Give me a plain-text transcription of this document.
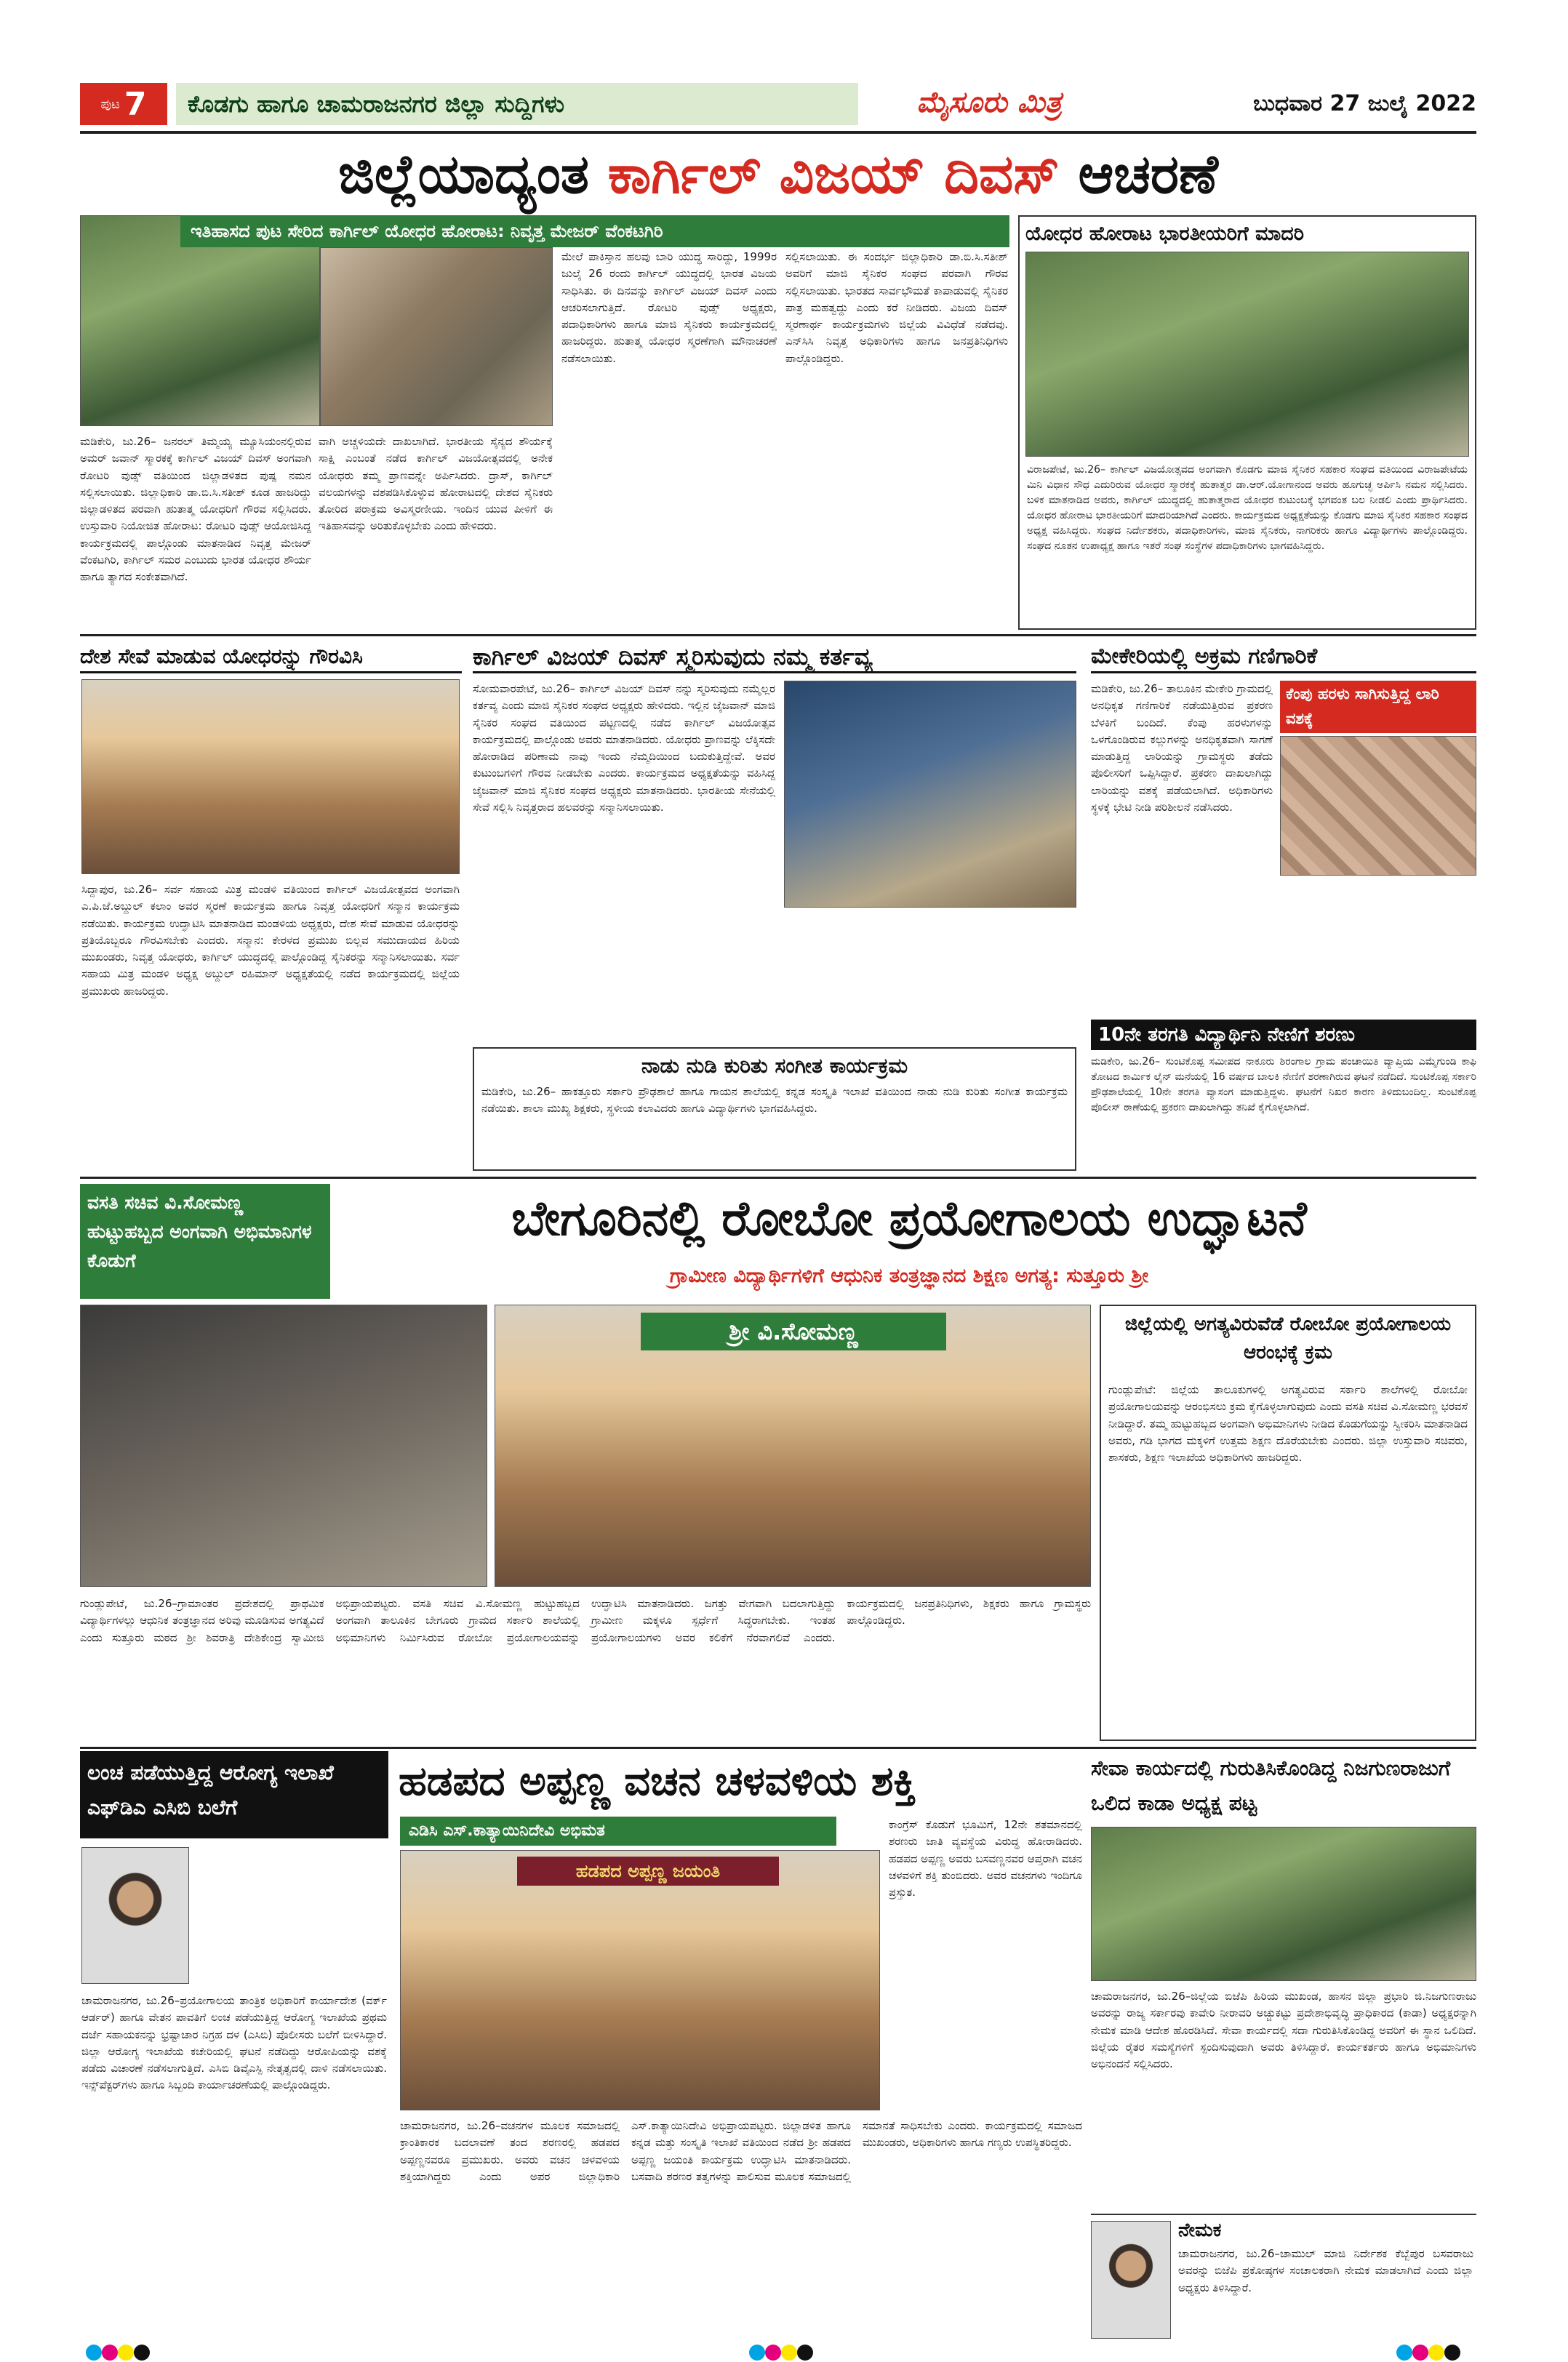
ಪುಟ 7	ಕೊಡಗು ಹಾಗೂ ಚಾಮರಾಜನಗರ ಜಿಲ್ಲಾ ಸುದ್ದಿಗಳು	ಮೈಸೂರು ಮಿತ್ರ	ಬುಧವಾರ 27 ಜುಲೈ 2022
ಜಿಲ್ಲೆಯಾದ್ಯಂತ ಕಾರ್ಗಿಲ್ ವಿಜಯ್ ದಿವಸ್ ಆಚರಣೆ
ಇತಿಹಾಸದ ಪುಟ ಸೇರಿದ ಕಾರ್ಗಿಲ್ ಯೋಧರ ಹೋರಾಟ: ನಿವೃತ್ತ ಮೇಜರ್ ವೆಂಕಟಗಿರಿ
ಮೇಲೆ ಪಾಕಿಸ್ತಾನ ಹಲವು ಬಾರಿ ಯುದ್ಧ ಸಾರಿದ್ದು, 1999ರ ಜುಲೈ 26 ರಂದು ಕಾರ್ಗಿಲ್ ಯುದ್ಧದಲ್ಲಿ ಭಾರತ ವಿಜಯ ಸಾಧಿಸಿತು. ಈ ದಿನವನ್ನು ಕಾರ್ಗಿಲ್ ವಿಜಯ್ ದಿವಸ್ ಎಂದು ಆಚರಿಸಲಾಗುತ್ತಿದೆ. ರೋಟರಿ ವುಡ್ಸ್ ಅಧ್ಯಕ್ಷರು, ಪದಾಧಿಕಾರಿಗಳು ಹಾಗೂ ಮಾಜಿ ಸೈನಿಕರು ಕಾರ್ಯಕ್ರಮದಲ್ಲಿ ಹಾಜರಿದ್ದರು. ಹುತಾತ್ಮ ಯೋಧರ ಸ್ಮರಣೆಗಾಗಿ ಮೌನಾಚರಣೆ ನಡೆಸಲಾಯಿತು.
ಸಲ್ಲಿಸಲಾಯಿತು. ಈ ಸಂದರ್ಭ ಜಿಲ್ಲಾಧಿಕಾರಿ ಡಾ.ಬಿ.ಸಿ.ಸತೀಶ್ ಅವರಿಗೆ ಮಾಜಿ ಸೈನಿಕರ ಸಂಘದ ಪರವಾಗಿ ಗೌರವ ಸಲ್ಲಿಸಲಾಯಿತು. ಭಾರತದ ಸಾರ್ವಭೌಮತೆ ಕಾಪಾಡುವಲ್ಲಿ ಸೈನಿಕರ ಪಾತ್ರ ಮಹತ್ವದ್ದು ಎಂದು ಕರೆ ನೀಡಿದರು. ವಿಜಯ ದಿವಸ್ ಸ್ಮರಣಾರ್ಥ ಕಾರ್ಯಕ್ರಮಗಳು ಜಿಲ್ಲೆಯ ವಿವಿಧೆಡೆ ನಡೆದವು. ಎನ್‌ಸಿಸಿ ನಿವೃತ್ತ ಅಧಿಕಾರಿಗಳು ಹಾಗೂ ಜನಪ್ರತಿನಿಧಿಗಳು ಪಾಲ್ಗೊಂಡಿದ್ದರು.
ಮಡಿಕೇರಿ, ಜು.26– ಜನರಲ್ ತಿಮ್ಮಯ್ಯ ಮ್ಯೂಸಿಯಂನಲ್ಲಿರುವ ಅಮರ್ ಜವಾನ್ ಸ್ಮಾರಕಕ್ಕೆ ಕಾರ್ಗಿಲ್ ವಿಜಯ್ ದಿವಸ್ ಅಂಗವಾಗಿ ರೋಟರಿ ವುಡ್ಸ್ ವತಿಯಿಂದ ಜಿಲ್ಲಾಡಳಿತದ ಪುಷ್ಪ ನಮನ ಸಲ್ಲಿಸಲಾಯಿತು. ಜಿಲ್ಲಾಧಿಕಾರಿ ಡಾ.ಬಿ.ಸಿ.ಸತೀಶ್ ಕೂಡ ಹಾಜರಿದ್ದು ಜಿಲ್ಲಾಡಳಿತದ ಪರವಾಗಿ ಹುತಾತ್ಮ ಯೋಧರಿಗೆ ಗೌರವ ಸಲ್ಲಿಸಿದರು. ಉಸ್ತುವಾರಿ ನಿಯೋಜಿತ ಹೋರಾಟ: ರೋಟರಿ ವುಡ್ಸ್ ಆಯೋಜಿಸಿದ್ದ ಕಾರ್ಯಕ್ರಮದಲ್ಲಿ ಪಾಲ್ಗೊಂಡು ಮಾತನಾಡಿದ ನಿವೃತ್ತ ಮೇಜರ್ ವೆಂಕಟಗಿರಿ, ಕಾರ್ಗಿಲ್ ಸಮರ ಎಂಬುದು ಭಾರತ ಯೋಧರ ಶೌರ್ಯ ಹಾಗೂ ತ್ಯಾಗದ ಸಂಕೇತವಾಗಿದೆ.
ವಾಗಿ ಅಚ್ಚಳಿಯದೇ ದಾಖಲಾಗಿದೆ. ಭಾರತೀಯ ಸೈನ್ಯದ ಶೌರ್ಯಕ್ಕೆ ಸಾಕ್ಷಿ ಎಂಬಂತೆ ನಡೆದ ಕಾರ್ಗಿಲ್ ವಿಜಯೋತ್ಸವದಲ್ಲಿ ಅನೇಕ ಯೋಧರು ತಮ್ಮ ಪ್ರಾಣವನ್ನೇ ಅರ್ಪಿಸಿದರು. ದ್ರಾಸ್, ಕಾರ್ಗಿಲ್ ವಲಯಗಳನ್ನು ವಶಪಡಿಸಿಕೊಳ್ಳುವ ಹೋರಾಟದಲ್ಲಿ ದೇಶದ ಸೈನಿಕರು ತೋರಿದ ಪರಾಕ್ರಮ ಅವಿಸ್ಮರಣೀಯ. ಇಂದಿನ ಯುವ ಪೀಳಿಗೆ ಈ ಇತಿಹಾಸವನ್ನು ಅರಿತುಕೊಳ್ಳಬೇಕು ಎಂದು ಹೇಳಿದರು.
ಯೋಧರ ಹೋರಾಟ ಭಾರತೀಯರಿಗೆ ಮಾದರಿ
ವಿರಾಜಪೇಟೆ, ಜು.26– ಕಾರ್ಗಿಲ್ ವಿಜಯೋತ್ಸವದ ಅಂಗವಾಗಿ ಕೊಡಗು ಮಾಜಿ ಸೈನಿಕರ ಸಹಕಾರ ಸಂಘದ ವತಿಯಿಂದ ವಿರಾಜಪೇಟೆಯ ಮಿನಿ ವಿಧಾನ ಸೌಧ ಎದುರಿರುವ ಯೋಧರ ಸ್ಮಾರಕಕ್ಕೆ ಹುತಾತ್ಮರ ಡಾ.ಆರ್.ಯೋಗಾನಂದ ಅವರು ಹೂಗುಚ್ಛ ಅರ್ಪಿಸಿ ನಮನ ಸಲ್ಲಿಸಿದರು. ಬಳಿಕ ಮಾತನಾಡಿದ ಅವರು, ಕಾರ್ಗಿಲ್ ಯುದ್ಧದಲ್ಲಿ ಹುತಾತ್ಮರಾದ ಯೋಧರ ಕುಟುಂಬಕ್ಕೆ ಭಗವಂತ ಬಲ ನೀಡಲಿ ಎಂದು ಪ್ರಾರ್ಥಿಸಿದರು. ಯೋಧರ ಹೋರಾಟ ಭಾರತೀಯರಿಗೆ ಮಾದರಿಯಾಗಿದೆ ಎಂದರು. ಕಾರ್ಯಕ್ರಮದ ಅಧ್ಯಕ್ಷತೆಯನ್ನು ಕೊಡಗು ಮಾಜಿ ಸೈನಿಕರ ಸಹಕಾರ ಸಂಘದ ಅಧ್ಯಕ್ಷ ವಹಿಸಿದ್ದರು. ಸಂಘದ ನಿರ್ದೇಶಕರು, ಪದಾಧಿಕಾರಿಗಳು, ಮಾಜಿ ಸೈನಿಕರು, ನಾಗರಿಕರು ಹಾಗೂ ವಿದ್ಯಾರ್ಥಿಗಳು ಪಾಲ್ಗೊಂಡಿದ್ದರು. ಸಂಘದ ನೂತನ ಉಪಾಧ್ಯಕ್ಷ ಹಾಗೂ ಇತರೆ ಸಂಘ ಸಂಸ್ಥೆಗಳ ಪದಾಧಿಕಾರಿಗಳು ಭಾಗವಹಿಸಿದ್ದರು.
ದೇಶ ಸೇವೆ ಮಾಡುವ ಯೋಧರನ್ನು ಗೌರವಿಸಿ
ಸಿದ್ದಾಪುರ, ಜು.26– ಸರ್ವ ಸಹಾಯ ಮಿತ್ರ ಮಂಡಳಿ ವತಿಯಿಂದ ಕಾರ್ಗಿಲ್ ವಿಜಯೋತ್ಸವದ ಅಂಗವಾಗಿ ಎ.ಪಿ.ಜೆ.ಅಬ್ದುಲ್ ಕಲಾಂ ಅವರ ಸ್ಮರಣೆ ಕಾರ್ಯಕ್ರಮ ಹಾಗೂ ನಿವೃತ್ತ ಯೋಧರಿಗೆ ಸನ್ಮಾನ ಕಾರ್ಯಕ್ರಮ ನಡೆಯಿತು. ಕಾರ್ಯಕ್ರಮ ಉದ್ಘಾಟಿಸಿ ಮಾತನಾಡಿದ ಮಂಡಳಿಯ ಅಧ್ಯಕ್ಷರು, ದೇಶ ಸೇವೆ ಮಾಡುವ ಯೋಧರನ್ನು ಪ್ರತಿಯೊಬ್ಬರೂ ಗೌರವಿಸಬೇಕು ಎಂದರು. ಸನ್ಮಾನ: ಕೇರಳದ ಪ್ರಮುಖ ಬಿಲ್ಲವ ಸಮುದಾಯದ ಹಿರಿಯ ಮುಖಂಡರು, ನಿವೃತ್ತ ಯೋಧರು, ಕಾರ್ಗಿಲ್ ಯುದ್ಧದಲ್ಲಿ ಪಾಲ್ಗೊಂಡಿದ್ದ ಸೈನಿಕರನ್ನು ಸನ್ಮಾನಿಸಲಾಯಿತು. ಸರ್ವ ಸಹಾಯ ಮಿತ್ರ ಮಂಡಳಿ ಅಧ್ಯಕ್ಷ ಅಬ್ದುಲ್ ರಹಿಮಾನ್ ಅಧ್ಯಕ್ಷತೆಯಲ್ಲಿ ನಡೆದ ಕಾರ್ಯಕ್ರಮದಲ್ಲಿ ಜಿಲ್ಲೆಯ ಪ್ರಮುಖರು ಹಾಜರಿದ್ದರು.
ಕಾರ್ಗಿಲ್ ವಿಜಯ್ ದಿವಸ್ ಸ್ಮರಿಸುವುದು ನಮ್ಮ ಕರ್ತವ್ಯ
ಸೋಮವಾರಪೇಟೆ, ಜು.26– ಕಾರ್ಗಿಲ್ ವಿಜಯ್ ದಿವಸ್ ನನ್ನು ಸ್ಮರಿಸುವುದು ನಮ್ಮೆಲ್ಲರ ಕರ್ತವ್ಯ ಎಂದು ಮಾಜಿ ಸೈನಿಕರ ಸಂಘದ ಅಧ್ಯಕ್ಷರು ಹೇಳಿದರು. ಇಲ್ಲಿನ ಜೈಜವಾನ್ ಮಾಜಿ ಸೈನಿಕರ ಸಂಘದ ವತಿಯಿಂದ ಪಟ್ಟಣದಲ್ಲಿ ನಡೆದ ಕಾರ್ಗಿಲ್ ವಿಜಯೋತ್ಸವ ಕಾರ್ಯಕ್ರಮದಲ್ಲಿ ಪಾಲ್ಗೊಂಡು ಅವರು ಮಾತನಾಡಿದರು. ಯೋಧರು ಪ್ರಾಣವನ್ನು ಲೆಕ್ಕಿಸದೇ ಹೋರಾಡಿದ ಪರಿಣಾಮ ನಾವು ಇಂದು ನೆಮ್ಮದಿಯಿಂದ ಬದುಕುತ್ತಿದ್ದೇವೆ. ಅವರ ಕುಟುಂಬಗಳಿಗೆ ಗೌರವ ನೀಡಬೇಕು ಎಂದರು. ಕಾರ್ಯಕ್ರಮದ ಅಧ್ಯಕ್ಷತೆಯನ್ನು ವಹಿಸಿದ್ದ ಜೈಜವಾನ್ ಮಾಜಿ ಸೈನಿಕರ ಸಂಘದ ಅಧ್ಯಕ್ಷರು ಮಾತನಾಡಿದರು. ಭಾರತೀಯ ಸೇನೆಯಲ್ಲಿ ಸೇವೆ ಸಲ್ಲಿಸಿ ನಿವೃತ್ತರಾದ ಹಲವರನ್ನು ಸನ್ಮಾನಿಸಲಾಯಿತು.
ನಾಡು ನುಡಿ ಕುರಿತು ಸಂಗೀತ ಕಾರ್ಯಕ್ರಮ
ಮಡಿಕೇರಿ, ಜು.26– ಹಾಕತ್ತೂರು ಸರ್ಕಾರಿ ಪ್ರೌಢಶಾಲೆ ಹಾಗೂ ಗಾಯನ ಶಾಲೆಯಲ್ಲಿ ಕನ್ನಡ ಸಂಸ್ಕೃತಿ ಇಲಾಖೆ ವತಿಯಿಂದ ನಾಡು ನುಡಿ ಕುರಿತು ಸಂಗೀತ ಕಾರ್ಯಕ್ರಮ ನಡೆಯಿತು. ಶಾಲಾ ಮುಖ್ಯ ಶಿಕ್ಷಕರು, ಸ್ಥಳೀಯ ಕಲಾವಿದರು ಹಾಗೂ ವಿದ್ಯಾರ್ಥಿಗಳು ಭಾಗವಹಿಸಿದ್ದರು.
ಮೇಕೇರಿಯಲ್ಲಿ ಅಕ್ರಮ ಗಣಿಗಾರಿಕೆ
ಮಡಿಕೇರಿ, ಜು.26– ತಾಲೂಕಿನ ಮೇಕೇರಿ ಗ್ರಾಮದಲ್ಲಿ ಅನಧಿಕೃತ ಗಣಿಗಾರಿಕೆ ನಡೆಯುತ್ತಿರುವ ಪ್ರಕರಣ ಬೆಳಕಿಗೆ ಬಂದಿದೆ. ಕೆಂಪು ಹರಳುಗಳನ್ನು ಒಳಗೊಂಡಿರುವ ಕಲ್ಲುಗಳನ್ನು ಅನಧಿಕೃತವಾಗಿ ಸಾಗಣೆ ಮಾಡುತ್ತಿದ್ದ ಲಾರಿಯನ್ನು ಗ್ರಾಮಸ್ಥರು ತಡೆದು ಪೊಲೀಸರಿಗೆ ಒಪ್ಪಿಸಿದ್ದಾರೆ. ಪ್ರಕರಣ ದಾಖಲಾಗಿದ್ದು ಲಾರಿಯನ್ನು ವಶಕ್ಕೆ ಪಡೆಯಲಾಗಿದೆ. ಅಧಿಕಾರಿಗಳು ಸ್ಥಳಕ್ಕೆ ಭೇಟಿ ನೀಡಿ ಪರಿಶೀಲನೆ ನಡೆಸಿದರು.
ಕೆಂಪು ಹರಳು ಸಾಗಿಸುತ್ತಿದ್ದ ಲಾರಿ ವಶಕ್ಕೆ
10ನೇ ತರಗತಿ ವಿದ್ಯಾರ್ಥಿನಿ ನೇಣಿಗೆ ಶರಣು
ಮಡಿಕೇರಿ, ಜು.26– ಸುಂಟಿಕೊಪ್ಪ ಸಮೀಪದ ನಾಕೂರು ಶಿರಂಗಾಲ ಗ್ರಾಮ ಪಂಚಾಯಿತಿ ವ್ಯಾಪ್ತಿಯ ಎಮ್ಮೆಗುಂಡಿ ಕಾಫಿ ತೋಟದ ಕಾರ್ಮಿಕ ಲೈನ್ ಮನೆಯಲ್ಲಿ 16 ವರ್ಷದ ಬಾಲಕಿ ನೇಣಿಗೆ ಶರಣಾಗಿರುವ ಘಟನೆ ನಡೆದಿದೆ. ಸುಂಟಿಕೊಪ್ಪ ಸರ್ಕಾರಿ ಪ್ರೌಢಶಾಲೆಯಲ್ಲಿ 10ನೇ ತರಗತಿ ವ್ಯಾಸಂಗ ಮಾಡುತ್ತಿದ್ದಳು. ಘಟನೆಗೆ ನಿಖರ ಕಾರಣ ತಿಳಿದುಬಂದಿಲ್ಲ. ಸುಂಟಿಕೊಪ್ಪ ಪೊಲೀಸ್ ಠಾಣೆಯಲ್ಲಿ ಪ್ರಕರಣ ದಾಖಲಾಗಿದ್ದು ತನಿಖೆ ಕೈಗೊಳ್ಳಲಾಗಿದೆ.
ವಸತಿ ಸಚಿವ ವಿ.ಸೋಮಣ್ಣ ಹುಟ್ಟುಹಬ್ಬದ ಅಂಗವಾಗಿ ಅಭಿಮಾನಿಗಳ ಕೊಡುಗೆ
ಬೇಗೂರಿನಲ್ಲಿ ರೋಬೋ ಪ್ರಯೋಗಾಲಯ ಉದ್ಘಾಟನೆ
ಗ್ರಾಮೀಣ ವಿದ್ಯಾರ್ಥಿಗಳಿಗೆ ಆಧುನಿಕ ತಂತ್ರಜ್ಞಾನದ ಶಿಕ್ಷಣ ಅಗತ್ಯ: ಸುತ್ತೂರು ಶ್ರೀ
ಶ್ರೀ ವಿ.ಸೋಮಣ್ಣ
ಗುಂಡ್ಲುಪೇಟೆ, ಜು.26–ಗ್ರಾಮಾಂತರ ಪ್ರದೇಶದಲ್ಲಿ ಪ್ರಾಥಮಿಕ ವಿದ್ಯಾರ್ಥಿಗಳಲ್ಲು ಆಧುನಿಕ ತಂತ್ರಜ್ಞಾನದ ಅರಿವು ಮೂಡಿಸುವ ಅಗತ್ಯವಿದೆ ಎಂದು ಸುತ್ತೂರು ಮಠದ ಶ್ರೀ ಶಿವರಾತ್ರಿ ದೇಶಿಕೇಂದ್ರ ಸ್ವಾಮೀಜಿ ಅಭಿಪ್ರಾಯಪಟ್ಟರು. ವಸತಿ ಸಚಿವ ವಿ.ಸೋಮಣ್ಣ ಹುಟ್ಟುಹಬ್ಬದ ಅಂಗವಾಗಿ ತಾಲೂಕಿನ ಬೇಗೂರು ಗ್ರಾಮದ ಸರ್ಕಾರಿ ಶಾಲೆಯಲ್ಲಿ ಅಭಿಮಾನಿಗಳು ನಿರ್ಮಿಸಿರುವ ರೋಬೋ ಪ್ರಯೋಗಾಲಯವನ್ನು ಉದ್ಘಾಟಿಸಿ ಮಾತನಾಡಿದರು. ಜಗತ್ತು ವೇಗವಾಗಿ ಬದಲಾಗುತ್ತಿದ್ದು ಗ್ರಾಮೀಣ ಮಕ್ಕಳೂ ಸ್ಪರ್ಧೆಗೆ ಸಿದ್ಧರಾಗಬೇಕು. ಇಂತಹ ಪ್ರಯೋಗಾಲಯಗಳು ಅವರ ಕಲಿಕೆಗೆ ನೆರವಾಗಲಿವೆ ಎಂದರು. ಕಾರ್ಯಕ್ರಮದಲ್ಲಿ ಜನಪ್ರತಿನಿಧಿಗಳು, ಶಿಕ್ಷಕರು ಹಾಗೂ ಗ್ರಾಮಸ್ಥರು ಪಾಲ್ಗೊಂಡಿದ್ದರು.
ಜಿಲ್ಲೆಯಲ್ಲಿ ಅಗತ್ಯವಿರುವೆಡೆ ರೋಬೋ ಪ್ರಯೋಗಾಲಯ ಆರಂಭಕ್ಕೆ ಕ್ರಮ
ಗುಂಡ್ಲುಪೇಟೆ: ಜಿಲ್ಲೆಯ ತಾಲೂಕುಗಳಲ್ಲಿ ಅಗತ್ಯವಿರುವ ಸರ್ಕಾರಿ ಶಾಲೆಗಳಲ್ಲಿ ರೋಬೋ ಪ್ರಯೋಗಾಲಯವನ್ನು ಆರಂಭಿಸಲು ಕ್ರಮ ಕೈಗೊಳ್ಳಲಾಗುವುದು ಎಂದು ವಸತಿ ಸಚಿವ ವಿ.ಸೋಮಣ್ಣ ಭರವಸೆ ನೀಡಿದ್ದಾರೆ. ತಮ್ಮ ಹುಟ್ಟುಹಬ್ಬದ ಅಂಗವಾಗಿ ಅಭಿಮಾನಿಗಳು ನೀಡಿದ ಕೊಡುಗೆಯನ್ನು ಸ್ವೀಕರಿಸಿ ಮಾತನಾಡಿದ ಅವರು, ಗಡಿ ಭಾಗದ ಮಕ್ಕಳಿಗೆ ಉತ್ತಮ ಶಿಕ್ಷಣ ದೊರೆಯಬೇಕು ಎಂದರು. ಜಿಲ್ಲಾ ಉಸ್ತುವಾರಿ ಸಚಿವರು, ಶಾಸಕರು, ಶಿಕ್ಷಣ ಇಲಾಖೆಯ ಅಧಿಕಾರಿಗಳು ಹಾಜರಿದ್ದರು.
ಲಂಚ ಪಡೆಯುತ್ತಿದ್ದ ಆರೋಗ್ಯ ಇಲಾಖೆ ಎಫ್‌ಡಿಎ ಎಸಿಬಿ ಬಲೆಗೆ
ಚಾಮರಾಜನಗರ, ಜು.26–ಪ್ರಯೋಗಾಲಯ ತಾಂತ್ರಿಕ ಅಧಿಕಾರಿಗೆ ಕಾರ್ಯಾದೇಶ (ವರ್ಕ್ ಆರ್ಡರ್) ಹಾಗೂ ವೇತನ ಪಾವತಿಗೆ ಲಂಚ ಪಡೆಯುತ್ತಿದ್ದ ಆರೋಗ್ಯ ಇಲಾಖೆಯ ಪ್ರಥಮ ದರ್ಜೆ ಸಹಾಯಕನನ್ನು ಭ್ರಷ್ಟಾಚಾರ ನಿಗ್ರಹ ದಳ (ಎಸಿಬಿ) ಪೊಲೀಸರು ಬಲೆಗೆ ಬೀಳಿಸಿದ್ದಾರೆ. ಜಿಲ್ಲಾ ಆರೋಗ್ಯ ಇಲಾಖೆಯ ಕಚೇರಿಯಲ್ಲಿ ಘಟನೆ ನಡೆದಿದ್ದು ಆರೋಪಿಯನ್ನು ವಶಕ್ಕೆ ಪಡೆದು ವಿಚಾರಣೆ ನಡೆಸಲಾಗುತ್ತಿದೆ. ಎಸಿಬಿ ಡಿವೈಎಸ್ಪಿ ನೇತೃತ್ವದಲ್ಲಿ ದಾಳಿ ನಡೆಸಲಾಯಿತು. ಇನ್ಸ್‌ಪೆಕ್ಟರ್‌ಗಳು ಹಾಗೂ ಸಿಬ್ಬಂದಿ ಕಾರ್ಯಾಚರಣೆಯಲ್ಲಿ ಪಾಲ್ಗೊಂಡಿದ್ದರು.
ಹಡಪದ ಅಪ್ಪಣ್ಣ ವಚನ ಚಳವಳಿಯ ಶಕ್ತಿ
ಎಡಿಸಿ ಎಸ್.ಕಾತ್ಯಾಯಿನಿದೇವಿ ಅಭಿಮತ
ಹಡಪದ ಅಪ್ಪಣ್ಣ ಜಯಂತಿ
ಕಾಂಗ್ರೆಸ್ ಕೊಡುಗೆ ಭೂಮಿಗೆ, 12ನೇ ಶತಮಾನದಲ್ಲಿ ಶರಣರು ಜಾತಿ ವ್ಯವಸ್ಥೆಯ ವಿರುದ್ಧ ಹೋರಾಡಿದರು. ಹಡಪದ ಅಪ್ಪಣ್ಣ ಅವರು ಬಸವಣ್ಣನವರ ಆಪ್ತರಾಗಿ ವಚನ ಚಳವಳಿಗೆ ಶಕ್ತಿ ತುಂಬಿದರು. ಅವರ ವಚನಗಳು ಇಂದಿಗೂ ಪ್ರಸ್ತುತ.
ಚಾಮರಾಜನಗರ, ಜು.26–ವಚನಗಳ ಮೂಲಕ ಸಮಾಜದಲ್ಲಿ ಕ್ರಾಂತಿಕಾರಕ ಬದಲಾವಣೆ ತಂದ ಶರಣರಲ್ಲಿ ಹಡಪದ ಅಪ್ಪಣ್ಣನವರೂ ಪ್ರಮುಖರು. ಅವರು ವಚನ ಚಳವಳಿಯ ಶಕ್ತಿಯಾಗಿದ್ದರು ಎಂದು ಅಪರ ಜಿಲ್ಲಾಧಿಕಾರಿ ಎಸ್.ಕಾತ್ಯಾಯಿನಿದೇವಿ ಅಭಿಪ್ರಾಯಪಟ್ಟರು. ಜಿಲ್ಲಾಡಳಿತ ಹಾಗೂ ಕನ್ನಡ ಮತ್ತು ಸಂಸ್ಕೃತಿ ಇಲಾಖೆ ವತಿಯಿಂದ ನಡೆದ ಶ್ರೀ ಹಡಪದ ಅಪ್ಪಣ್ಣ ಜಯಂತಿ ಕಾರ್ಯಕ್ರಮ ಉದ್ಘಾಟಿಸಿ ಮಾತನಾಡಿದರು. ಬಸವಾದಿ ಶರಣರ ತತ್ವಗಳನ್ನು ಪಾಲಿಸುವ ಮೂಲಕ ಸಮಾಜದಲ್ಲಿ ಸಮಾನತೆ ಸಾಧಿಸಬೇಕು ಎಂದರು. ಕಾರ್ಯಕ್ರಮದಲ್ಲಿ ಸಮಾಜದ ಮುಖಂಡರು, ಅಧಿಕಾರಿಗಳು ಹಾಗೂ ಗಣ್ಯರು ಉಪಸ್ಥಿತರಿದ್ದರು.
ಸೇವಾ ಕಾರ್ಯದಲ್ಲಿ ಗುರುತಿಸಿಕೊಂಡಿದ್ದ ನಿಜಗುಣರಾಜುಗೆ ಒಲಿದ ಕಾಡಾ ಅಧ್ಯಕ್ಷ ಪಟ್ಟ
ಚಾಮರಾಜನಗರ, ಜು.26–ಜಿಲ್ಲೆಯ ಬಿಜೆಪಿ ಹಿರಿಯ ಮುಖಂಡ, ಹಾಸನ ಜಿಲ್ಲಾ ಪ್ರಭಾರಿ ಜಿ.ನಿಜಗುಣರಾಜು ಅವರನ್ನು ರಾಜ್ಯ ಸರ್ಕಾರವು ಕಾವೇರಿ ನೀರಾವರಿ ಅಚ್ಚುಕಟ್ಟು ಪ್ರದೇಶಾಭಿವೃದ್ಧಿ ಪ್ರಾಧಿಕಾರದ (ಕಾಡಾ) ಅಧ್ಯಕ್ಷರನ್ನಾಗಿ ನೇಮಕ ಮಾಡಿ ಆದೇಶ ಹೊರಡಿಸಿದೆ. ಸೇವಾ ಕಾರ್ಯದಲ್ಲಿ ಸದಾ ಗುರುತಿಸಿಕೊಂಡಿದ್ದ ಅವರಿಗೆ ಈ ಸ್ಥಾನ ಒಲಿದಿದೆ. ಜಿಲ್ಲೆಯ ರೈತರ ಸಮಸ್ಯೆಗಳಿಗೆ ಸ್ಪಂದಿಸುವುದಾಗಿ ಅವರು ತಿಳಿಸಿದ್ದಾರೆ. ಕಾರ್ಯಕರ್ತರು ಹಾಗೂ ಅಭಿಮಾನಿಗಳು ಅಭಿನಂದನೆ ಸಲ್ಲಿಸಿದರು.
ನೇಮಕ
ಚಾಮರಾಜನಗರ, ಜು.26–ಚಾಮುಲ್ ಮಾಜಿ ನಿರ್ದೇಶಕ ಕೆಬ್ಬೆಪುರ ಬಸವರಾಜು ಅವರನ್ನು ಬಿಜೆಪಿ ಪ್ರಕೋಷ್ಠಗಳ ಸಂಚಾಲಕರಾಗಿ ನೇಮಕ ಮಾಡಲಾಗಿದೆ ಎಂದು ಜಿಲ್ಲಾ ಅಧ್ಯಕ್ಷರು ತಿಳಿಸಿದ್ದಾರೆ.
